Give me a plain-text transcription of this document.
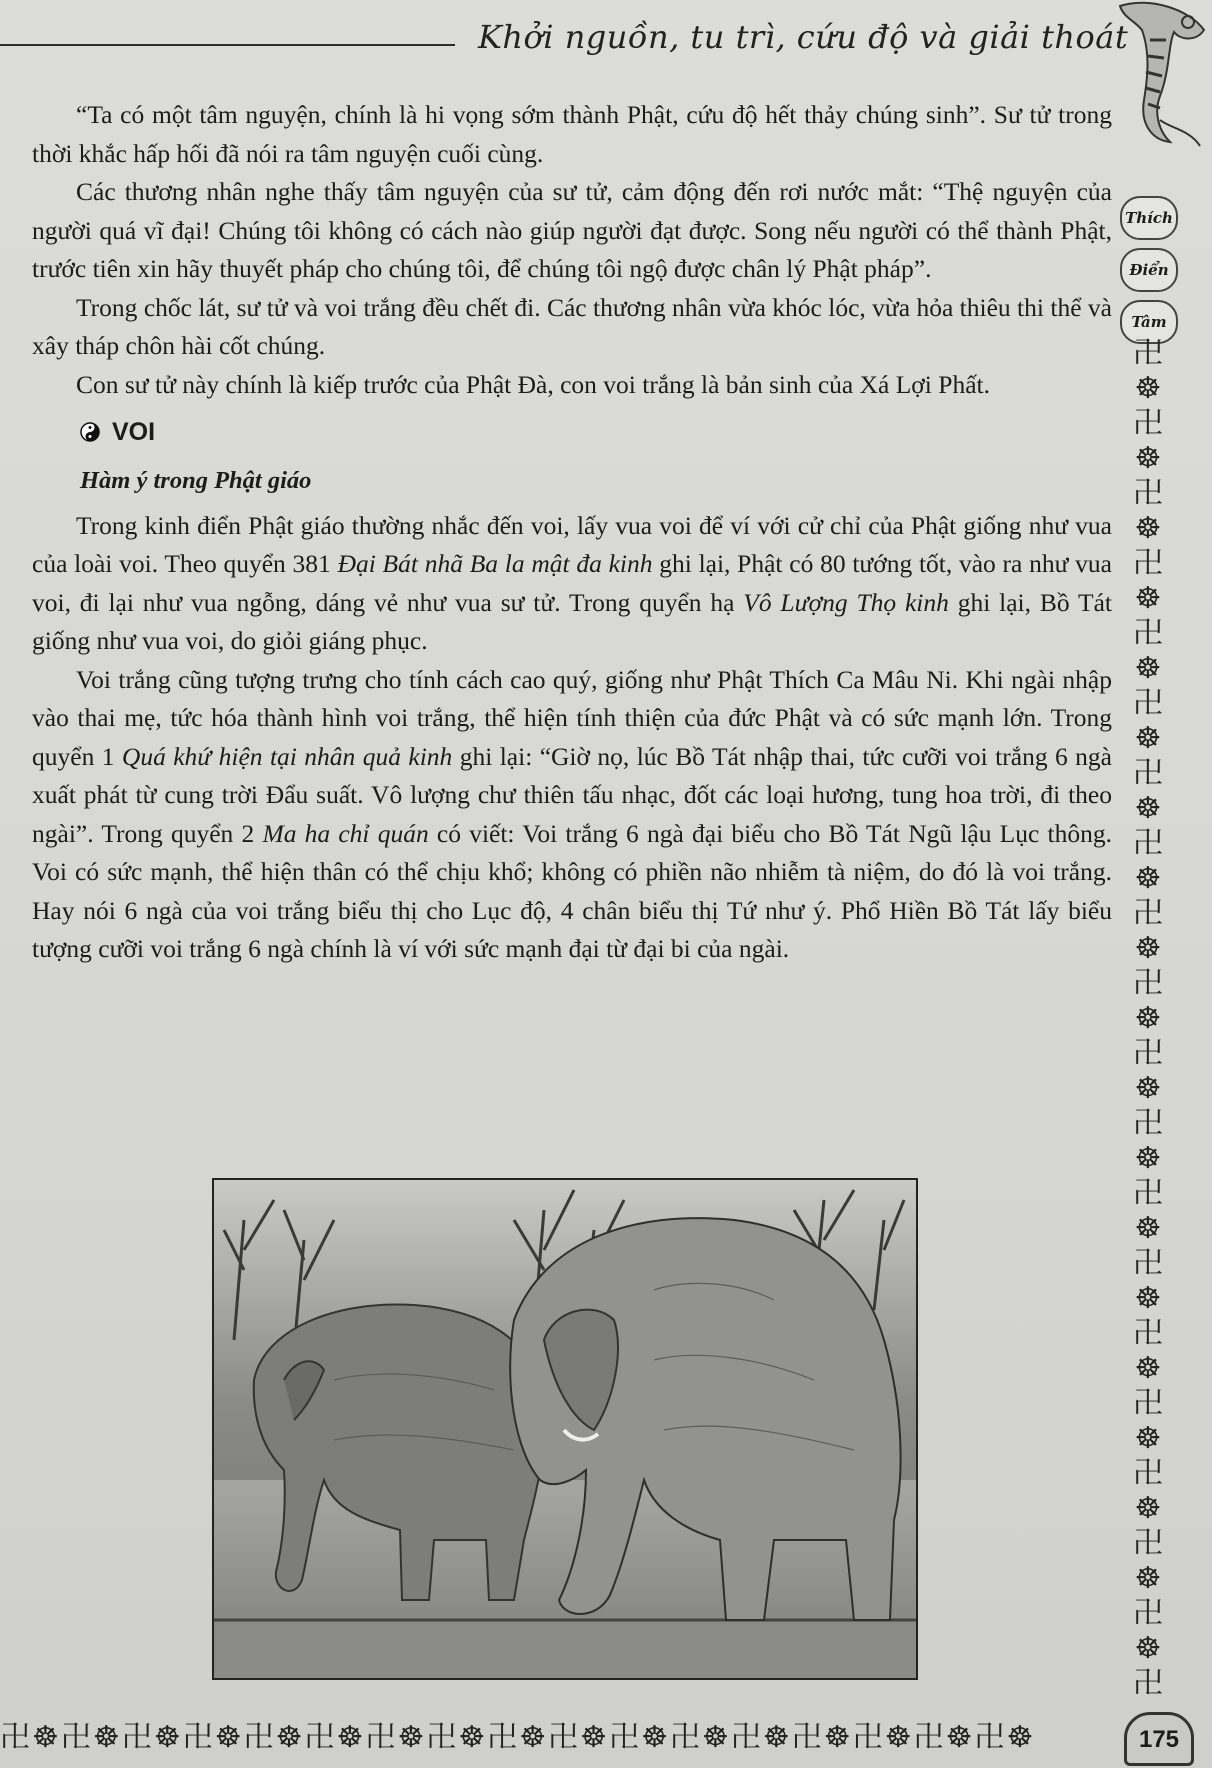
Khởi nguồn, tu trì, cứu độ và giải thoát
Thích
Điển
Tâm
卍
☸
卍
☸
卍
☸
卍
☸
卍
☸
卍
☸
卍
☸
卍
☸
卍
☸
卍
☸
卍
☸
卍
☸
卍
☸
卍
☸
卍
☸
卍
☸
卍
☸
卍
☸
卍
☸
卍

“Ta có một tâm nguyện, chính là hi vọng sớm thành Phật, cứu độ hết thảy chúng sinh”. Sư tử trong thời khắc hấp hối đã nói ra tâm nguyện cuối cùng.

Các thương nhân nghe thấy tâm nguyện của sư tử, cảm động đến rơi nước mắt: “Thệ nguyện của người quá vĩ đại! Chúng tôi không có cách nào giúp người đạt được. Song nếu người có thể thành Phật, trước tiên xin hãy thuyết pháp cho chúng tôi, để chúng tôi ngộ được chân lý Phật pháp”.

Trong chốc lát, sư tử và voi trắng đều chết đi. Các thương nhân vừa khóc lóc, vừa hỏa thiêu thi thể và xây tháp chôn hài cốt chúng.

Con sư tử này chính là kiếp trước của Phật Đà, con voi trắng là bản sinh của Xá Lợi Phất.

VOI
Hàm ý trong Phật giáo

Trong kinh điển Phật giáo thường nhắc đến voi, lấy vua voi để ví với cử chỉ của Phật giống như vua của loài voi. Theo quyển 381 Đại Bát nhã Ba la mật đa kinh ghi lại, Phật có 80 tướng tốt, vào ra như vua voi, đi lại như vua ngỗng, dáng vẻ như vua sư tử. Trong quyển hạ Vô Lượng Thọ kinh ghi lại, Bồ Tát giống như vua voi, do giỏi giáng phục.

Voi trắng cũng tượng trưng cho tính cách cao quý, giống như Phật Thích Ca Mâu Ni. Khi ngài nhập vào thai mẹ, tức hóa thành hình voi trắng, thể hiện tính thiện của đức Phật và có sức mạnh lớn. Trong quyển 1 Quá khứ hiện tại nhân quả kinh ghi lại: “Giờ nọ, lúc Bồ Tát nhập thai, tức cưỡi voi trắng 6 ngà xuất phát từ cung trời Đẩu suất. Vô lượng chư thiên tấu nhạc, đốt các loại hương, tung hoa trời, đi theo ngài”. Trong quyển 2 Ma ha chỉ quán có viết: Voi trắng 6 ngà đại biểu cho Bồ Tát Ngũ lậu Lục thông. Voi có sức mạnh, thể hiện thân có thể chịu khổ; không có phiền não nhiễm tà niệm, do đó là voi trắng. Hay nói 6 ngà của voi trắng biểu thị cho Lục độ, 4 chân biểu thị Tứ như ý. Phổ Hiền Bồ Tát lấy biểu tượng cưỡi voi trắng 6 ngà chính là ví với sức mạnh đại từ đại bi của ngài.

卍☸卍☸卍☸卍☸卍☸卍☸卍☸卍☸卍☸卍☸卍☸卍☸卍☸卍☸卍☸卍☸卍☸	175
